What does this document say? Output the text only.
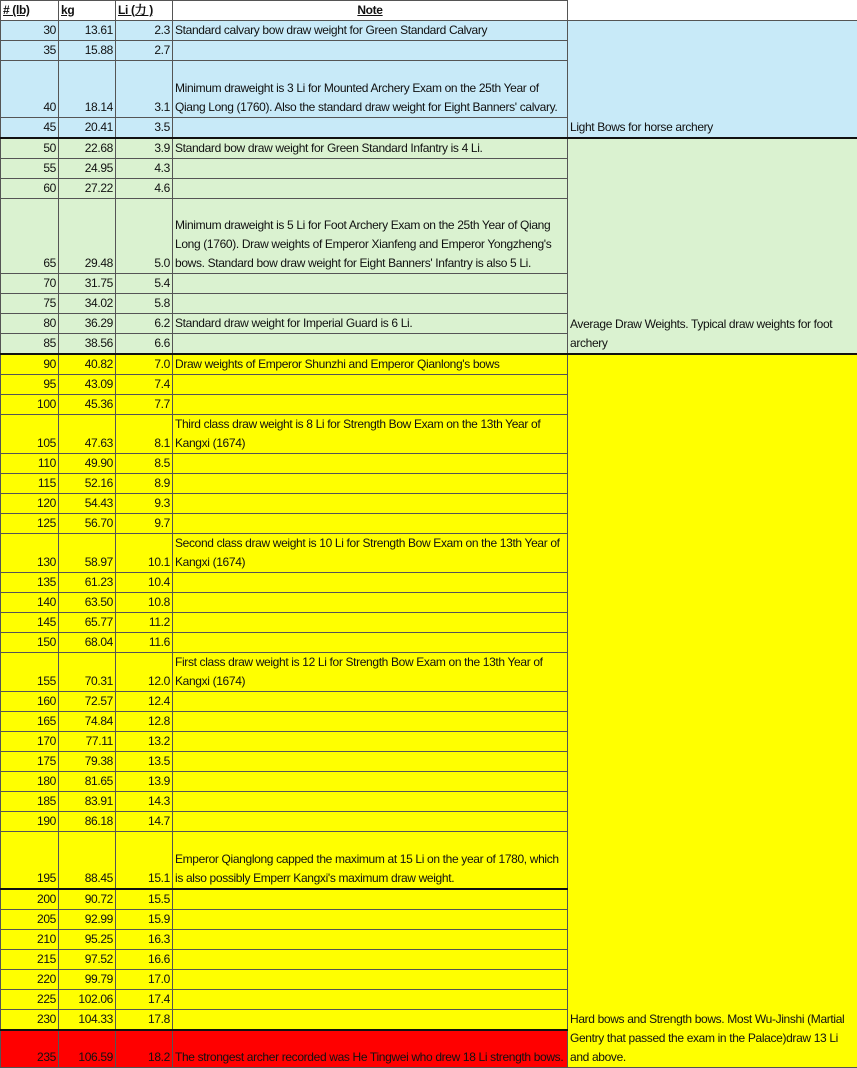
# (lb)	kg	Li (力 )	Note	
30	13.61	2.3	Standard calvary bow draw weight for Green Standard Calvary	Light Bows for horse archery
35	15.88	2.7		
40	18.14	3.1	Minimum draweight is 3 Li for Mounted Archery Exam on the 25th Year of Qiang Long (1760). Also the standard draw weight for Eight Banners' calvary.	
45	20.41	3.5		
50	22.68	3.9	Standard bow draw weight for Green Standard Infantry is 4 Li.	Average Draw Weights. Typical draw weights for foot archery
55	24.95	4.3		
60	27.22	4.6		
65	29.48	5.0	Minimum draweight is 5 Li for Foot Archery Exam on the 25th Year of Qiang Long (1760). Draw weights of Emperor Xianfeng and Emperor Yongzheng's bows. Standard bow draw weight for Eight Banners' Infantry is also 5 Li.	
70	31.75	5.4		
75	34.02	5.8		
80	36.29	6.2	Standard draw weight for Imperial Guard is 6 Li.	
85	38.56	6.6		
90	40.82	7.0	Draw weights of Emperor Shunzhi and Emperor Qianlong's bows	Hard bows and Strength bows. Most Wu-Jinshi (Martial Gentry that passed the exam in the Palace)draw 13 Li and above.
95	43.09	7.4		
100	45.36	7.7		
105	47.63	8.1	Third class draw weight is 8 Li for Strength Bow Exam on the 13th Year of Kangxi (1674)	
110	49.90	8.5		
115	52.16	8.9		
120	54.43	9.3		
125	56.70	9.7		
130	58.97	10.1	Second class draw weight is 10 Li for Strength Bow Exam on the 13th Year of Kangxi (1674)	
135	61.23	10.4		
140	63.50	10.8		
145	65.77	11.2		
150	68.04	11.6		
155	70.31	12.0	First class draw weight is 12 Li for Strength Bow Exam on the 13th Year of Kangxi (1674)	
160	72.57	12.4		
165	74.84	12.8		
170	77.11	13.2		
175	79.38	13.5		
180	81.65	13.9		
185	83.91	14.3		
190	86.18	14.7		
195	88.45	15.1	Emperor Qianglong capped the maximum at 15 Li on the year of 1780, which is also possibly Emperr Kangxi's maximum draw weight.	
200	90.72	15.5		
205	92.99	15.9		
210	95.25	16.3		
215	97.52	16.6		
220	99.79	17.0		
225	102.06	17.4		
230	104.33	17.8		
235	106.59	18.2	The strongest archer recorded was He Tingwei who drew 18 Li strength bows.	
